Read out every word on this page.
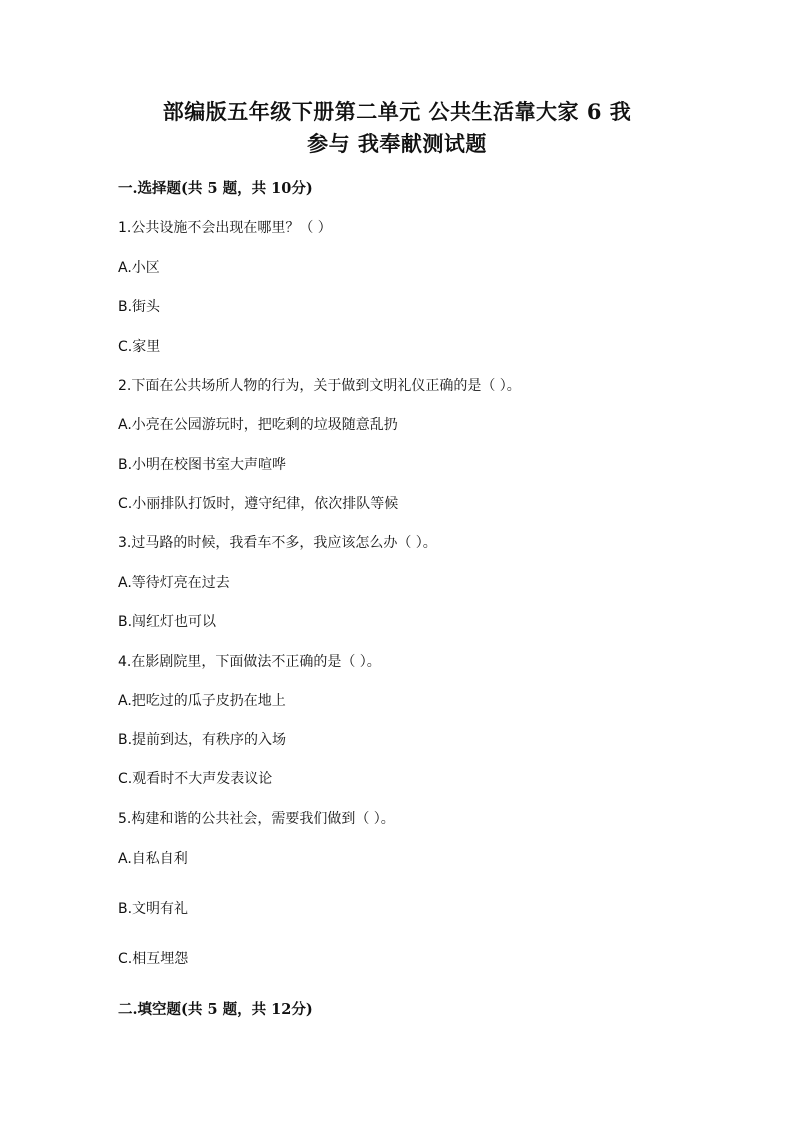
部编版五年级下册第二单元 公共生活靠大家 6 我
参与 我奉献测试题
一.选择题(共 5 题，共 10分)
1.公共设施不会出现在哪里？（ ）
A.小区
B.街头
C.家里
2.下面在公共场所人物的行为，关于做到文明礼仪正确的是（ ）。
A.小亮在公园游玩时，把吃剩的垃圾随意乱扔
B.小明在校图书室大声喧哗
C.小丽排队打饭时，遵守纪律，依次排队等候
3.过马路的时候，我看车不多，我应该怎么办（ ）。
A.等待灯亮在过去
B.闯红灯也可以
4.在影剧院里，下面做法不正确的是（ ）。
A.把吃过的瓜子皮扔在地上
B.提前到达，有秩序的入场
C.观看时不大声发表议论
5.构建和谐的公共社会，需要我们做到（ ）。
A.自私自利
B.文明有礼
C.相互埋怨
二.填空题(共 5 题，共 12分)
